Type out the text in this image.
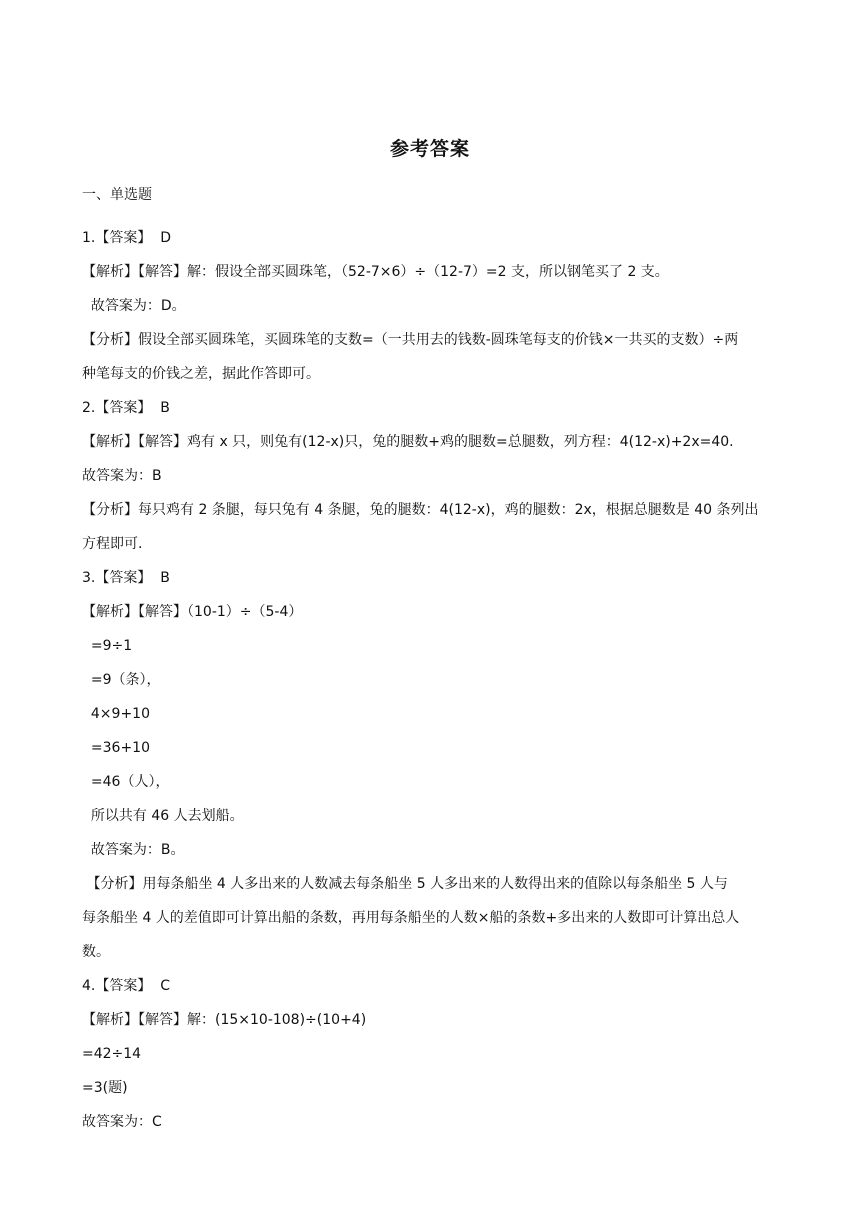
参考答案
一、单选题
1.【答案】  D
【解析】【解答】解：假设全部买圆珠笔，（52-7×6）÷（12-7）=2 支，所以钢笔买了 2 支。
故答案为：D。
【分析】假设全部买圆珠笔，买圆珠笔的支数=（一共用去的钱数-圆珠笔每支的价钱×一共买的支数）÷两
种笔每支的价钱之差，据此作答即可。
2.【答案】  B
【解析】【解答】鸡有 x 只，则兔有(12-x)只，兔的腿数+鸡的腿数=总腿数，列方程：4(12-x)+2x=40.
故答案为：B
【分析】每只鸡有 2 条腿，每只兔有 4 条腿，兔的腿数：4(12-x)，鸡的腿数：2x，根据总腿数是 40 条列出
方程即可.
3.【答案】  B
【解析】【解答】（10-1）÷（5-4）
=9÷1
=9（条），
4×9+10
=36+10
=46（人），
所以共有 46 人去划船。
故答案为：B。
【分析】用每条船坐 4 人多出来的人数减去每条船坐 5 人多出来的人数得出来的值除以每条船坐 5 人与
每条船坐 4 人的差值即可计算出船的条数，再用每条船坐的人数×船的条数+多出来的人数即可计算出总人
数。
4.【答案】  C
【解析】【解答】解：(15×10-108)÷(10+4)
=42÷14
=3(题)
故答案为：C
